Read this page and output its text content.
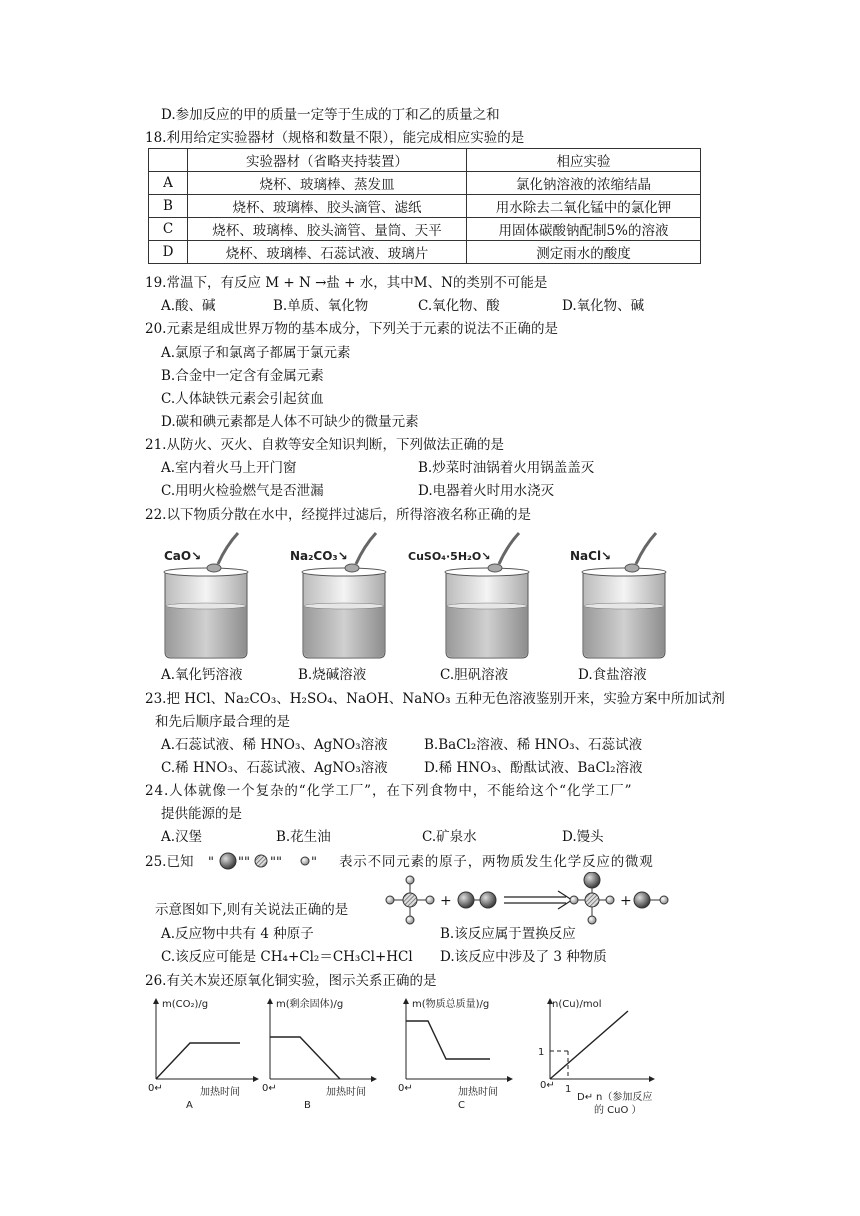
D.参加反应的甲的质量一定等于生成的丁和乙的质量之和
18.利用给定实验器材（规格和数量不限），能完成相应实验的是
	实验器材（省略夹持装置）	相应实验
A	烧杯、玻璃棒、蒸发皿	氯化钠溶液的浓缩结晶
B	烧杯、玻璃棒、胶头滴管、滤纸	用水除去二氧化锰中的氯化钾
C	烧杯、玻璃棒、胶头滴管、量筒、天平	用固体碳酸钠配制5%的溶液
D	烧杯、玻璃棒、石蕊试液、玻璃片	测定雨水的酸度
19.常温下，有反应 M + N →盐 + 水，其中M、N的类别不可能是
A.酸、碱	B.单质、氧化物	C.氧化物、酸	D.氧化物、碱
20.元素是组成世界万物的基本成分，下列关于元素的说法不正确的是
A.氯原子和氯离子都属于氯元素
B.合金中一定含有金属元素
C.人体缺铁元素会引起贫血
D.碳和碘元素都是人体不可缺少的微量元素
21.从防火、灭火、自救等安全知识判断，下列做法正确的是
A.室内着火马上开门窗	B.炒菜时油锅着火用锅盖盖灭
C.用明火检验燃气是否泄漏	D.电器着火时用水浇灭
22.以下物质分散在水中，经搅拌过滤后，所得溶液名称正确的是
CaO↘	Na₂CO₃↘	CuSO₄·5H₂O↘	NaCl↘
A.氧化钙溶液	B.烧碱溶液	C.胆矾溶液	D.食盐溶液
23.把 HCl、Na₂CO₃、H₂SO₄、NaOH、NaNO₃ 五种无色溶液鉴别开来，实验方案中所加试剂
和先后顺序最合理的是
A.石蕊试液、稀 HNO₃、AgNO₃溶液	B.BaCl₂溶液、稀 HNO₃、石蕊试液
C.稀 HNO₃、石蕊试液、AgNO₃溶液	D.稀 HNO₃、酚酞试液、BaCl₂溶液
24.人体就像一个复杂的“化学工厂”，在下列食物中，不能给这个“化学工厂”
提供能源的是
A.汉堡	B.花生油	C.矿泉水	D.馒头
25.已知 " "" "" " 表示不同元素的原子，两物质发生化学反应的微观
+	+
示意图如下,则有关说法正确的是
A.反应物中共有 4 种原子	B.该反应属于置换反应
C.该反应可能是 CH₄+Cl₂＝CH₃Cl+HCl D.该反应中涉及了 3 种物质
26.有关木炭还原氧化铜实验，图示关系正确的是
m(CO₂)/g
0↵	加热时间
A
m(剩余固体)/g
0↵	加热时间
B
m(物质总质量)/g
0↵	加热时间
C
n(Cu)/mol
1
1
0↵
D↵ n（参加反应
的 CuO ）
